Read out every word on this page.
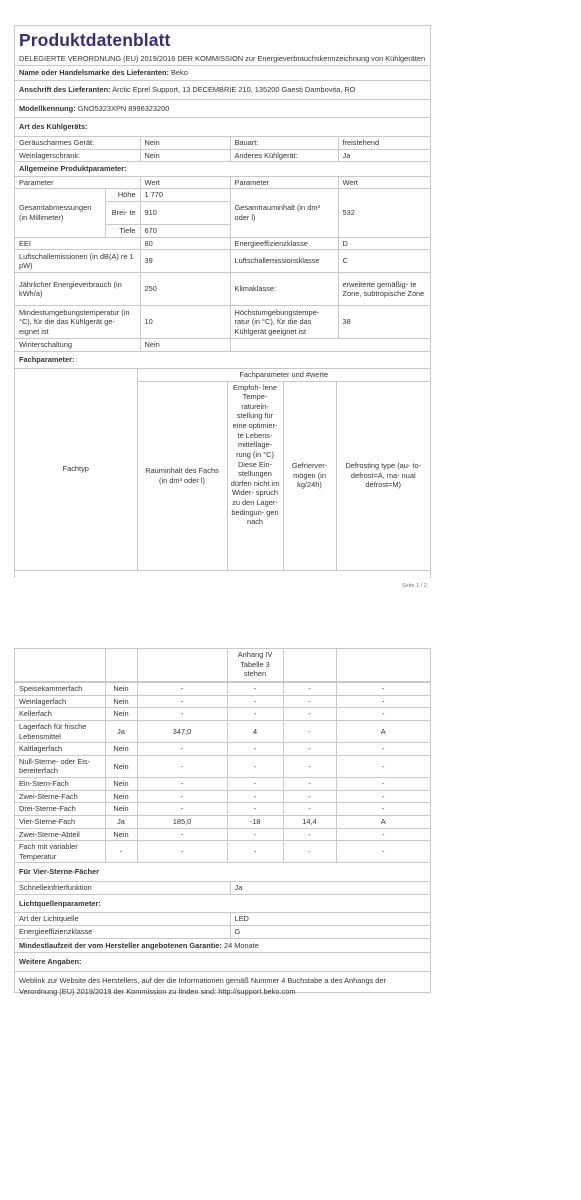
Produktdatenblatt
DELEGIERTE VERORDNUNG (EU) 2019/2016 DER KOMMISSION zur Energieverbrauchskennzeichnung von Kühlgeräten
Name oder Handelsmarke des Lieferanten: Beko
Anschrift des Lieferanten: Arctic Eprel Support, 13 DECEMBRIE 210, 135200 Gaesti Dambovita, RO
Modellkennung: GNO5323XPN 8996323200
Art des Kühlgeräts:
Geräuscharmes Gerät:	Nein	Bauart:	freistehend
Weinlagerschrank:	Nein	Anderes Kühlgerät:	Ja
Allgemeine Produktparameter:
Parameter		Wert	Parameter	Wert
Gesamtabmessungen (in Millimeter)	Höhe	1 770	Gesamtrauminhalt (in dm³ oder l)	532
	Brei- te	910		
	Tiefe	670		
EEI		80	Energieeffizienzklasse	D
Luftschallemissionen (in dB(A) re 1 pW)		39	Luftschallemissionsklasse	C
Jährlicher Energieverbrauch (in kWh/a)		250	Klimaklasse:	erweiterte gemäßig- te Zone, subtropische Zone
Mindestumgebungstemperatur (in °C), für die das Kühlgerät ge- eignet ist		10	Höchstumgebungstempe- ratur (in °C), für die das Kühlgerät geeignet ist	38
Winterschaltung		Nein		
Fachparameter:
Fachtyp	Fachparameter und #werte			
	Rauminhalt des Fachs (in dm³ oder l)	Empfoh- lene Tempe- raturein- stellung für eine optimier- te Lebens- mittellage- rung (in °C) Diese Ein- stellungen dürfen nicht im Wider- spruch zu den Lager- bedingun- gen nach	Gefrierver- mögen (in kg/24h)	Defrosting type (au- to-defrost=A, ma- nual defrost=M)
Seite 1 / 2
			Anhang IV Tabelle 3 stehen		
Speisekammerfach	Nein	-	-	-	-
Weinlagerfach	Nein	-	-	-	-
Kellerfach	Nein	-	-	-	-
Lagerfach für frische Lebensmittel	Ja	347,0	4	-	A
Kaltlagerfach	Nein	-	-	-	-
Null-Sterne- oder Eis- bereiterfach	Nein	-	-	-	-
Ein-Stern-Fach	Nein	-	-	-	-
Zwei-Sterne-Fach	Nein	-	-	-	-
Drei-Sterne-Fach	Nein	-	-	-	-
Vier-Sterne-Fach	Ja	185,0	-18	14,4	A
Zwei-Sterne-Abteil	Nein	-	-	-	-
Fach mit variabler Temperatur	-	-	-	-	-
Für Vier-Sterne-Fächer
Schnelleinfrierfunktion	Ja
Lichtquellenparameter:
Art der Lichtquelle	LED
Energieeffizienzklasse	G
Mindestlaufzeit der vom Hersteller angebotenen Garantie: 24 Monate
Weitere Angaben:
Weblink zur Website des Herstellers, auf der die Informationen gemäß Nummer 4 Buchstabe a des Anhangs der Verordnung (EU) 2019/2019 der Kommission zu finden sind: http://support.beko.com
